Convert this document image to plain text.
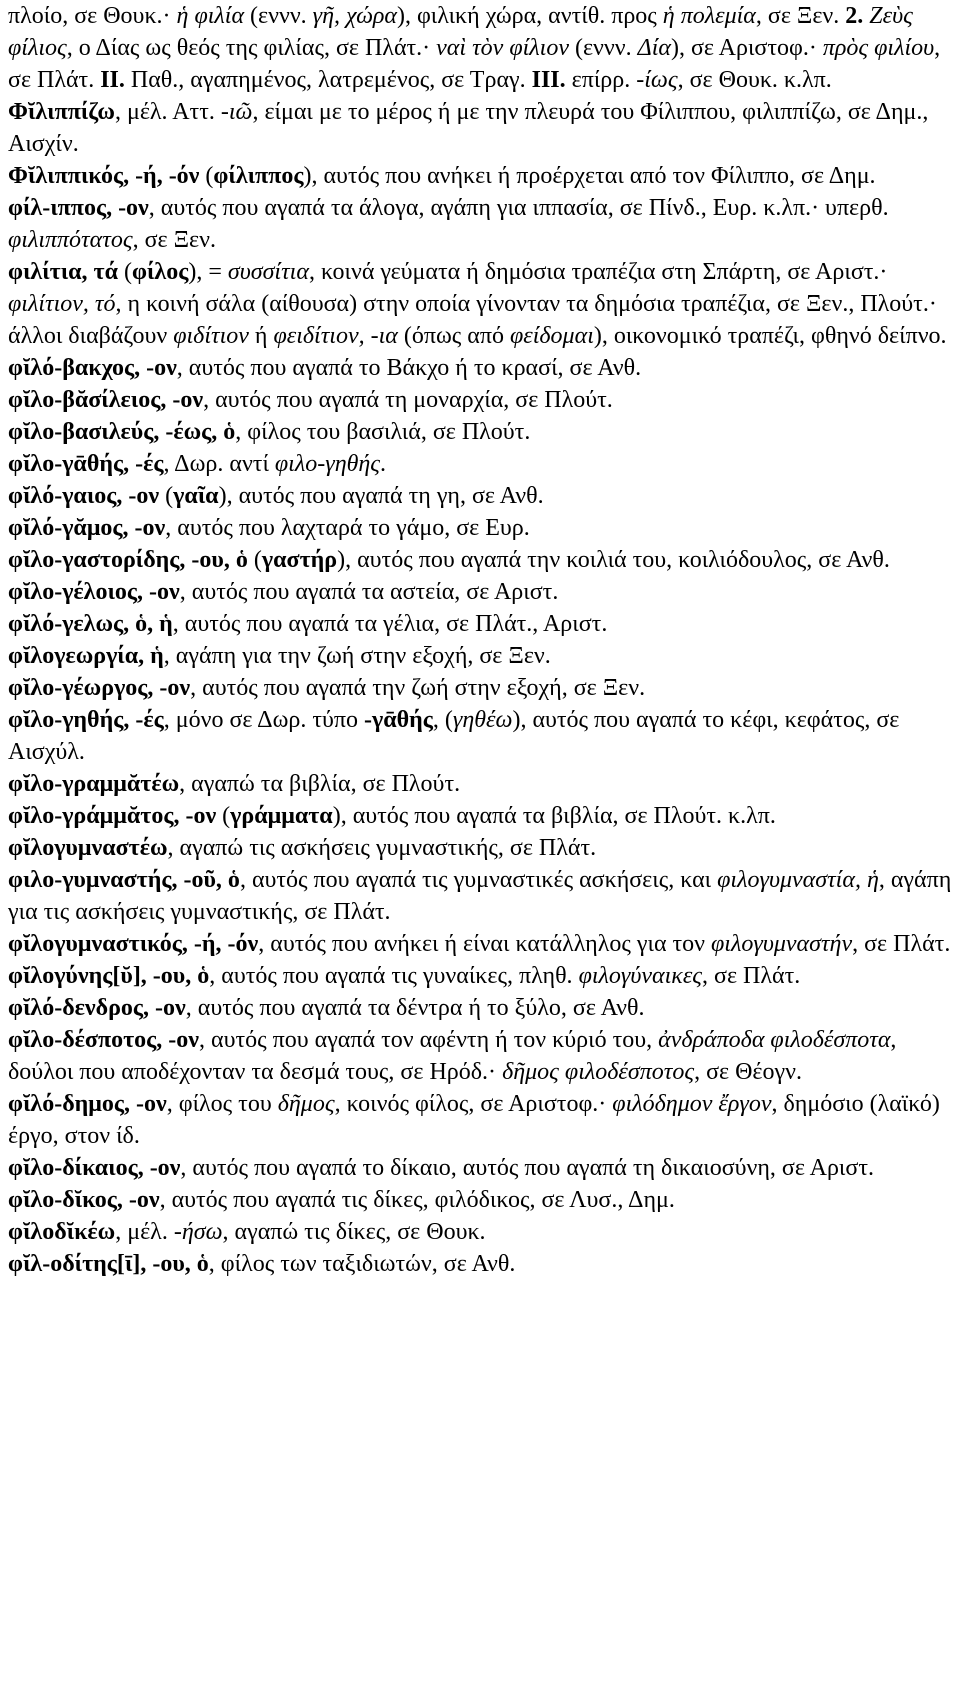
πλοίο, σε Θουκ.· ἡ φιλία (εννν. γῆ, χώρα), φιλική χώρα, αντίθ. προς ἡ πολεμία, σε Ξεν. 2. Ζεὺς φίλιος, ο Δίας ως θεός της φιλίας, σε Πλάτ.· ναὶ τὸν φίλιον (εννν. Δία), σε Αριστοφ.· πρὸς φιλίου, σε Πλάτ. II. Παθ., αγαπημένος, λατρεμένος, σε Τραγ. III. επίρρ. -ίως, σε Θουκ. κ.λπ.

Φῐλιππίζω, μέλ. Αττ. -ιῶ, είμαι με το μέρος ή με την πλευρά του Φίλιππου, φιλιππίζω, σε Δημ., Αισχίν.

Φῐλιππικός, -ή, -όν (φίλιππος), αυτός που ανήκει ή προέρχεται από τον Φίλιππο, σε Δημ.

φίλ-ιππος, -ον, αυτός που αγαπά τα άλογα, αγάπη για ιππασία, σε Πίνδ., Ευρ. κ.λπ.· υπερθ. φιλιππότατος, σε Ξεν.

φιλίτια, τά (φίλος), = συσσίτια, κοινά γεύματα ή δημόσια τραπέζια στη Σπάρτη, σε Αριστ.· φιλίτιον, τό, η κοινή σάλα (αίθουσα) στην οποία γίνονταν τα δημόσια τραπέζια, σε Ξεν., Πλούτ.· άλλοι διαβάζουν φιδίτιον ή φειδίτιον, -ια (όπως από φείδομαι), οικονομικό τραπέζι, φθηνό δείπνο.

φῐλό-βακχος, -ον, αυτός που αγαπά το Βάκχο ή το κρασί, σε Ανθ.

φῐλο-βᾰσίλειος, -ον, αυτός που αγαπά τη μοναρχία, σε Πλούτ.

φῐλο-βασιλεύς, -έως, ὁ, φίλος του βασιλιά, σε Πλούτ.

φῐλο-γᾱθής, -ές, Δωρ. αντί φιλο-γηθής.

φῐλό-γαιος, -ον (γαῖα), αυτός που αγαπά τη γη, σε Ανθ.

φῐλό-γᾰμος, -ον, αυτός που λαχταρά το γάμο, σε Ευρ.

φῐλο-γαστορίδης, -ου, ὁ (γαστήρ), αυτός που αγαπά την κοιλιά του, κοιλιόδουλος, σε Ανθ.

φῐλο-γέλοιος, -ον, αυτός που αγαπά τα αστεία, σε Αριστ.

φῐλό-γελως, ὁ, ἡ, αυτός που αγαπά τα γέλια, σε Πλάτ., Αριστ.

φῐλογεωργία, ἡ, αγάπη για την ζωή στην εξοχή, σε Ξεν.

φῐλο-γέωργος, -ον, αυτός που αγαπά την ζωή στην εξοχή, σε Ξεν.

φῐλο-γηθής, -ές, μόνο σε Δωρ. τύπο -γᾱθής, (γηθέω), αυτός που αγαπά το κέφι, κεφάτος, σε Αισχύλ.

φῐλο-γραμμᾰτέω, αγαπώ τα βιβλία, σε Πλούτ.

φῐλο-γράμμᾰτος, -ον (γράμματα), αυτός που αγαπά τα βιβλία, σε Πλούτ. κ.λπ.

φῐλογυμναστέω, αγαπώ τις ασκήσεις γυμναστικής, σε Πλάτ.

φιλο-γυμναστής, -οῦ, ὁ, αυτός που αγαπά τις γυμναστικές ασκήσεις, και φιλογυμναστία, ἡ, αγάπη για τις ασκήσεις γυμναστικής, σε Πλάτ.

φῐλογυμναστικός, -ή, -όν, αυτός που ανήκει ή είναι κατάλληλος για τον φιλογυμναστήν, σε Πλάτ.

φῐλογύνης[ῠ], -ου, ὁ, αυτός που αγαπά τις γυναίκες, πληθ. φιλογύναικες, σε Πλάτ.

φῐλό-δενδρος, -ον, αυτός που αγαπά τα δέντρα ή το ξύλο, σε Ανθ.

φῐλο-δέσποτος, -ον, αυτός που αγαπά τον αφέντη ή τον κύριό του, ἀνδράποδα φιλοδέσποτα, δούλοι που αποδέχονταν τα δεσμά τους, σε Ηρόδ.· δῆμος φιλοδέσποτος, σε Θέογν.

φῐλό-δημος, -ον, φίλος του δῆμος, κοινός φίλος, σε Αριστοφ.· φιλόδημον ἔργον, δημόσιο (λαϊκό) έργο, στον ίδ.

φῐλο-δίκαιος, -ον, αυτός που αγαπά το δίκαιο, αυτός που αγαπά τη δικαιοσύνη, σε Αριστ.

φῐλο-δῐκος, -ον, αυτός που αγαπά τις δίκες, φιλόδικος, σε Λυσ., Δημ.

φῐλοδῐκέω, μέλ. -ήσω, αγαπώ τις δίκες, σε Θουκ.

φῐλ-οδίτης[ῑ], -ου, ὁ, φίλος των ταξιδιωτών, σε Ανθ.
